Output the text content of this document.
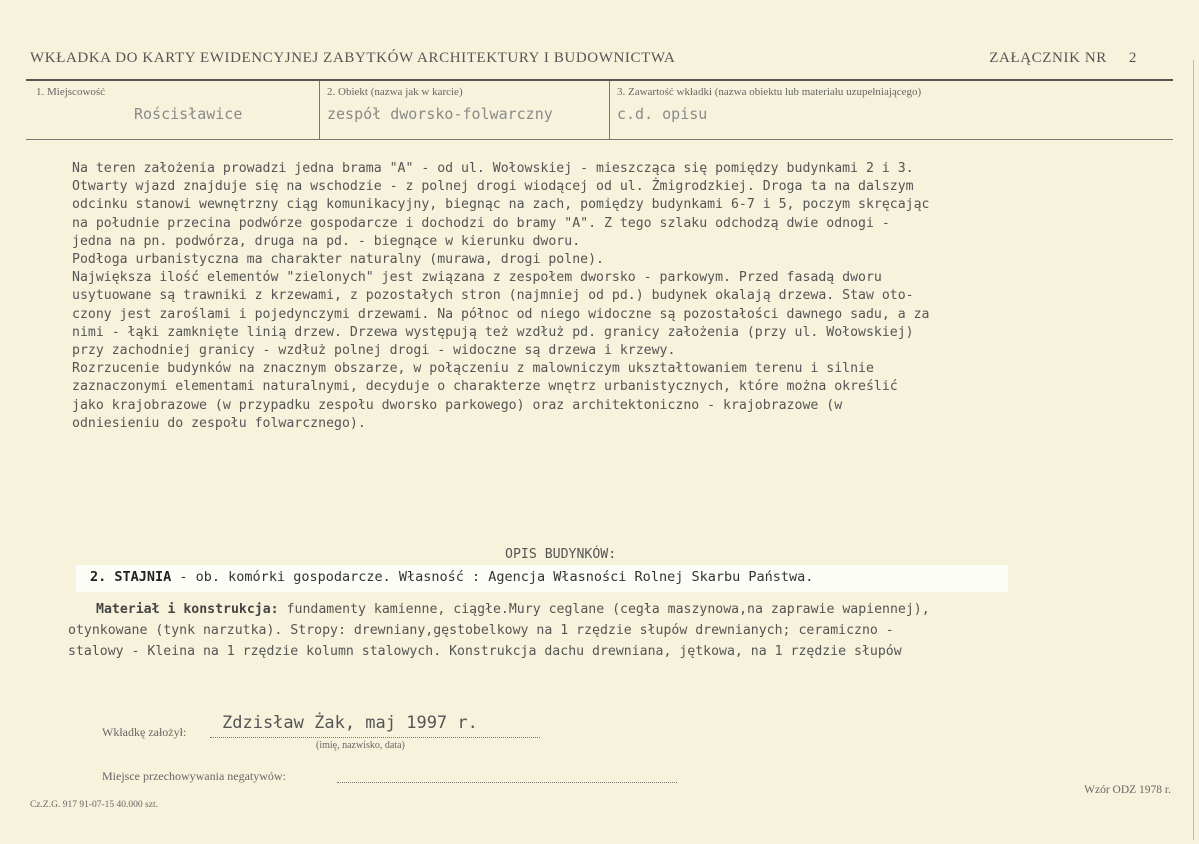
WKŁADKA DO KARTY EWIDENCYJNEJ ZABYTKÓW ARCHITEKTURY I BUDOWNICTWA	ZAŁĄCZNIK NR 2
1. Miejscowość
Rościsławice
2. Obiekt (nazwa jak w karcie)
zespół dworsko-folwarczny
3. Zawartość wkładki (nazwa obiektu lub materiału uzupełniającego)
c.d. opisu

Na teren założenia prowadzi jedna brama "A" - od ul. Wołowskiej - mieszcząca się pomiędzy budynkami 2 i 3.

Otwarty wjazd znajduje się na wschodzie - z polnej drogi wiodącej od ul. Żmigrodzkiej. Droga ta na dalszym

odcinku stanowi wewnętrzny ciąg komunikacyjny, biegnąc na zach, pomiędzy budynkami 6-7 i 5, poczym skręcając

na południe przecina podwórze gospodarcze i dochodzi do bramy "A". Z tego szlaku odchodzą dwie odnogi -

jedna na pn. podwórza, druga na pd. - biegnące w kierunku dworu.

Podłoga urbanistyczna ma charakter naturalny (murawa, drogi polne).

Największa ilość elementów "zielonych" jest związana z zespołem dworsko - parkowym. Przed fasadą dworu

usytuowane są trawniki z krzewami, z pozostałych stron (najmniej od pd.) budynek okalają drzewa. Staw oto-

czony jest zaroślami i pojedynczymi drzewami. Na północ od niego widoczne są pozostałości dawnego sadu, a za

nimi - łąki zamknięte linią drzew. Drzewa występują też wzdłuż pd. granicy założenia (przy ul. Wołowskiej)

przy zachodniej granicy - wzdłuż polnej drogi - widoczne są drzewa i krzewy.

Rozrzucenie budynków na znacznym obszarze, w połączeniu z malowniczym ukształtowaniem terenu i silnie

zaznaczonymi elementami naturalnymi, decyduje o charakterze wnętrz urbanistycznych, które można określić

jako krajobrazowe (w przypadku zespołu dworsko parkowego) oraz architektoniczno - krajobrazowe (w

odniesieniu do zespołu folwarcznego).

OPIS BUDYNKÓW:
2. STAJNIA - ob. komórki gospodarcze. Własność : Agencja Własności Rolnej Skarbu Państwa.

Materiał i konstrukcja: fundamenty kamienne, ciągłe.Mury ceglane (cegła maszynowa,na zaprawie wapiennej),

otynkowane (tynk narzutka). Stropy: drewniany,gęstobelkowy na 1 rzędzie słupów drewnianych; ceramiczno -

stalowy - Kleina na 1 rzędzie kolumn stalowych. Konstrukcja dachu drewniana, jętkowa, na 1 rzędzie słupów

Wkładkę założył: Zdzisław Żak, maj 1997 r.
(imię, nazwisko, data)
Miejsce przechowywania negatywów:
Cz.Z.G. 917 91-07-15 40.000 szt.
Wzór ODZ 1978 r.
